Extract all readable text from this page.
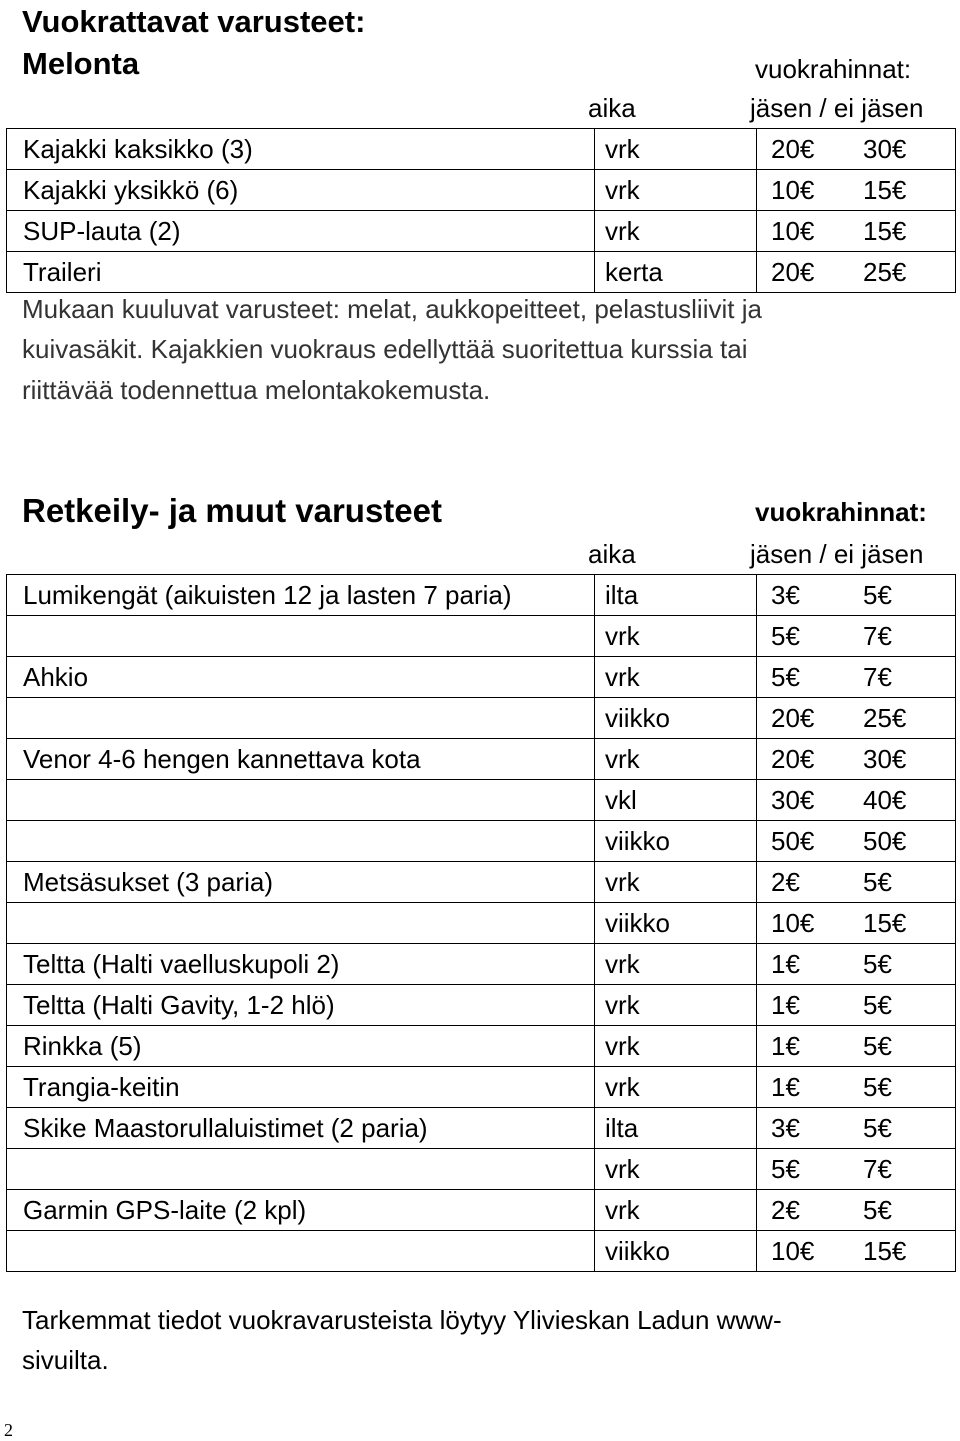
Vuokrattavat varusteet:
Melonta	vuokrahinnat:
aika	jäsen / ei jäsen
Kajakki kaksikko (3)	vrk	20€ 30€
Kajakki yksikkö (6)	vrk	10€ 15€
SUP-lauta (2)	vrk	10€ 15€
Traileri	kerta	20€ 25€
Mukaan kuuluvat varusteet: melat, aukkopeitteet, pelastusliivit ja
kuivasäkit. Kajakkien vuokraus edellyttää suoritettua kurssia tai
riittävää todennettua melontakokemusta.
Retkeily- ja muut varusteet	vuokrahinnat:
aika	jäsen / ei jäsen
Lumikengät (aikuisten 12 ja lasten 7 paria)	ilta	3€ 5€
	vrk	5€ 7€
Ahkio	vrk	5€ 7€
	viikko	20€ 25€
Venor 4-6 hengen kannettava kota	vrk	20€ 30€
	vkl	30€ 40€
	viikko	50€ 50€
Metsäsukset (3 paria)	vrk	2€ 5€
	viikko	10€ 15€
Teltta (Halti vaelluskupoli 2)	vrk	1€ 5€
Teltta (Halti Gavity, 1-2 hlö)	vrk	1€ 5€
Rinkka (5)	vrk	1€ 5€
Trangia-keitin	vrk	1€ 5€
Skike Maastorullaluistimet (2 paria)	ilta	3€ 5€
	vrk	5€ 7€
Garmin GPS-laite (2 kpl)	vrk	2€ 5€
	viikko	10€ 15€
Tarkemmat tiedot vuokravarusteista löytyy Ylivieskan Ladun www-
sivuilta.
2
